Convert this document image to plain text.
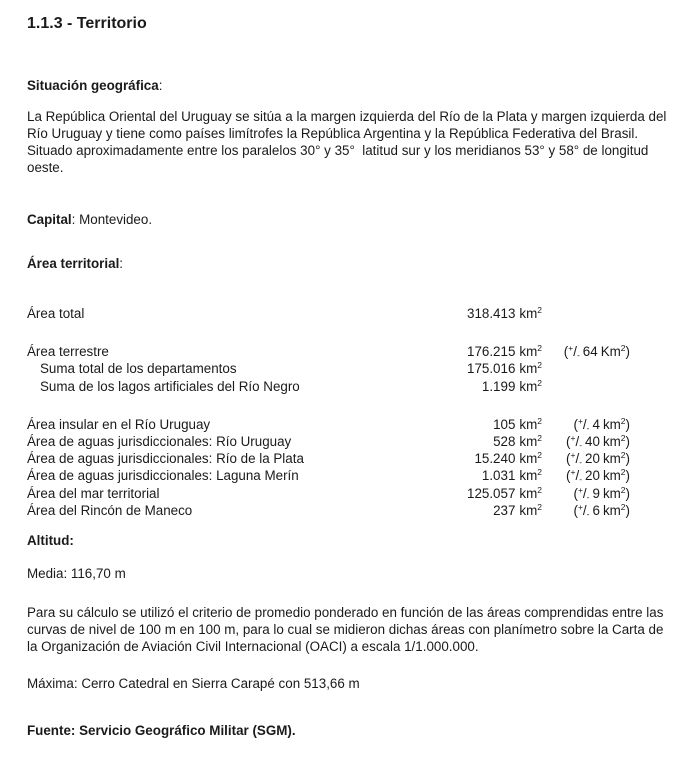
1.1.3 - Territorio

Situación geográfica:

La República Oriental del Uruguay se sitúa a la margen izquierda del Río de la Plata y margen izquierda del Río Uruguay y tiene como países limítrofes la República Argentina y la República Federativa del Brasil.

Situado aproximadamente entre los paralelos 30° y 35°  latitud sur y los meridianos 53° y 58° de longitud oeste.

Capital: Montevideo.

Área territorial:

Área total	318.413 $km^2$
Área terrestre	176.215 $km^2$	($^+/_-$ 64 Km$^2$)
Suma total de los departamentos	175.016 $km^2$
Suma de los lagos artificiales del Río Negro	1.199 $km^2$
Área insular en el Río Uruguay	105 $km^2$	($^+/_-$ 4 $km^2$)
Área de aguas jurisdiccionales: Río Uruguay	528 $km^2$	($^+/_-$ 40 $km^2$)
Área de aguas jurisdiccionales: Río de la Plata	15.240 $km^2$	($^+/_-$ 20 $km^2$)
Área de aguas jurisdiccionales: Laguna Merín	1.031 $km^2$	($^+/_-$ 20 $km^2$)
Área del mar territorial	125.057 $km^2$	($^+/_-$ 9 $km^2$)
Área del Rincón de Maneco	237 $km^2$	($^+/_-$ 6 $km^2$)

Altitud:

Media: 116,70 m

Para su cálculo se utilizó el criterio de promedio ponderado en función de las áreas comprendidas entre las curvas de nivel de 100 m en 100 m, para lo cual se midieron dichas áreas con planímetro sobre la Carta de la Organización de Aviación Civil Internacional (OACI) a escala 1/1.000.000.

Máxima: Cerro Catedral en Sierra Carapé con 513,66 m

Fuente: Servicio Geográfico Militar (SGM).
